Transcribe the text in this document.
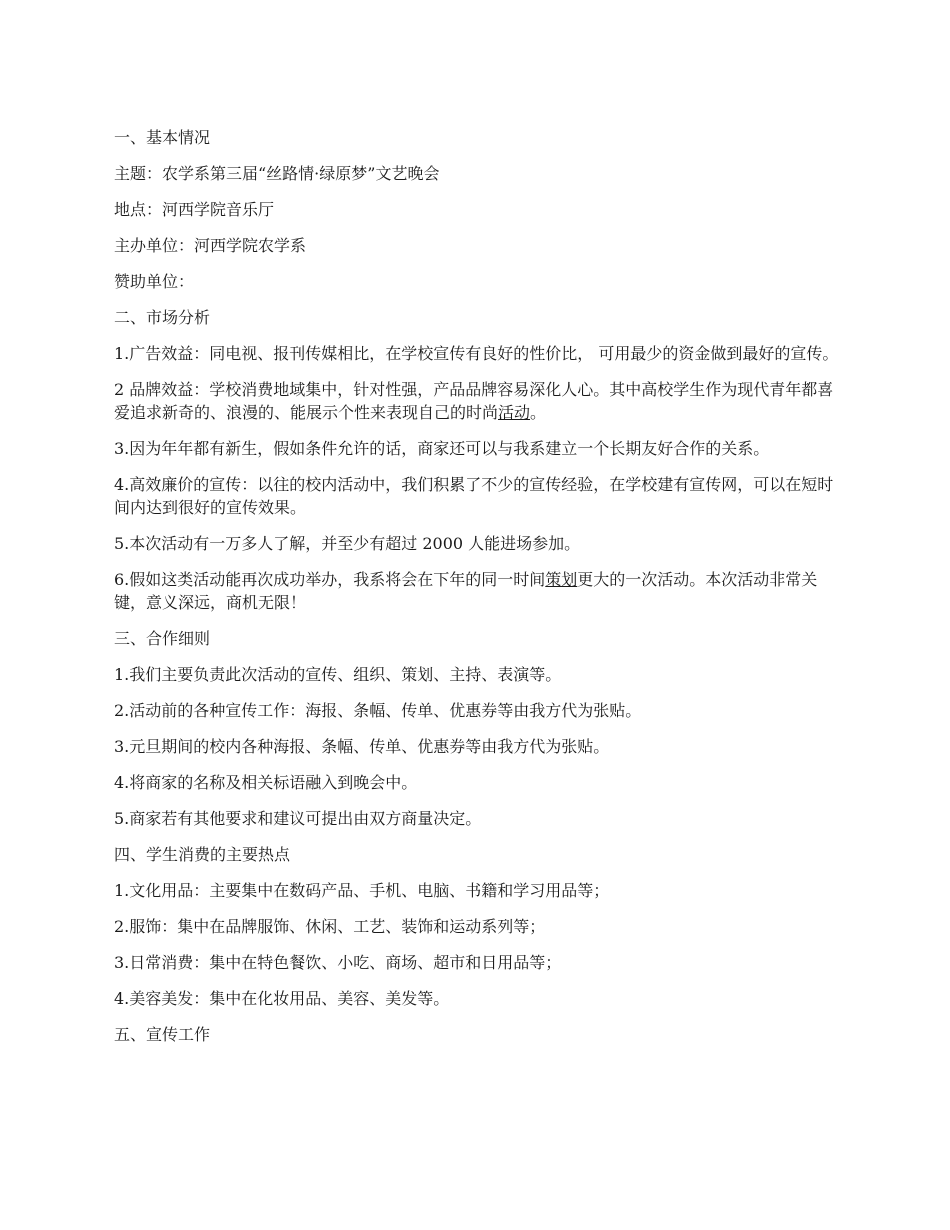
一、基本情况

主题：农学系第三届“丝路情·绿原梦”文艺晚会

地点：河西学院音乐厅

主办单位：河西学院农学系

赞助单位：

二、市场分析

1.广告效益：同电视、报刊传媒相比，在学校宣传有良好的性价比， 可用最少的资金做到最好的宣传。

2 品牌效益：学校消费地域集中，针对性强，产品品牌容易深化人心。其中高校学生作为现代青年都喜爱追求新奇的、浪漫的、能展示个性来表现自己的时尚活动。

3.因为年年都有新生，假如条件允许的话，商家还可以与我系建立一个长期友好合作的关系。

4.高效廉价的宣传：以往的校内活动中，我们积累了不少的宣传经验，在学校建有宣传网，可以在短时间内达到很好的宣传效果。

5.本次活动有一万多人了解，并至少有超过 2000 人能进场参加。

6.假如这类活动能再次成功举办，我系将会在下年的同一时间策划更大的一次活动。本次活动非常关键，意义深远，商机无限！

三、合作细则

1.我们主要负责此次活动的宣传、组织、策划、主持、表演等。

2.活动前的各种宣传工作：海报、条幅、传单、优惠券等由我方代为张贴。

3.元旦期间的校内各种海报、条幅、传单、优惠券等由我方代为张贴。

4.将商家的名称及相关标语融入到晚会中。

5.商家若有其他要求和建议可提出由双方商量决定。

四、学生消费的主要热点

1.文化用品：主要集中在数码产品、手机、电脑、书籍和学习用品等；

2.服饰：集中在品牌服饰、休闲、工艺、装饰和运动系列等；

3.日常消费：集中在特色餐饮、小吃、商场、超市和日用品等；

4.美容美发：集中在化妆用品、美容、美发等。

五、宣传工作
